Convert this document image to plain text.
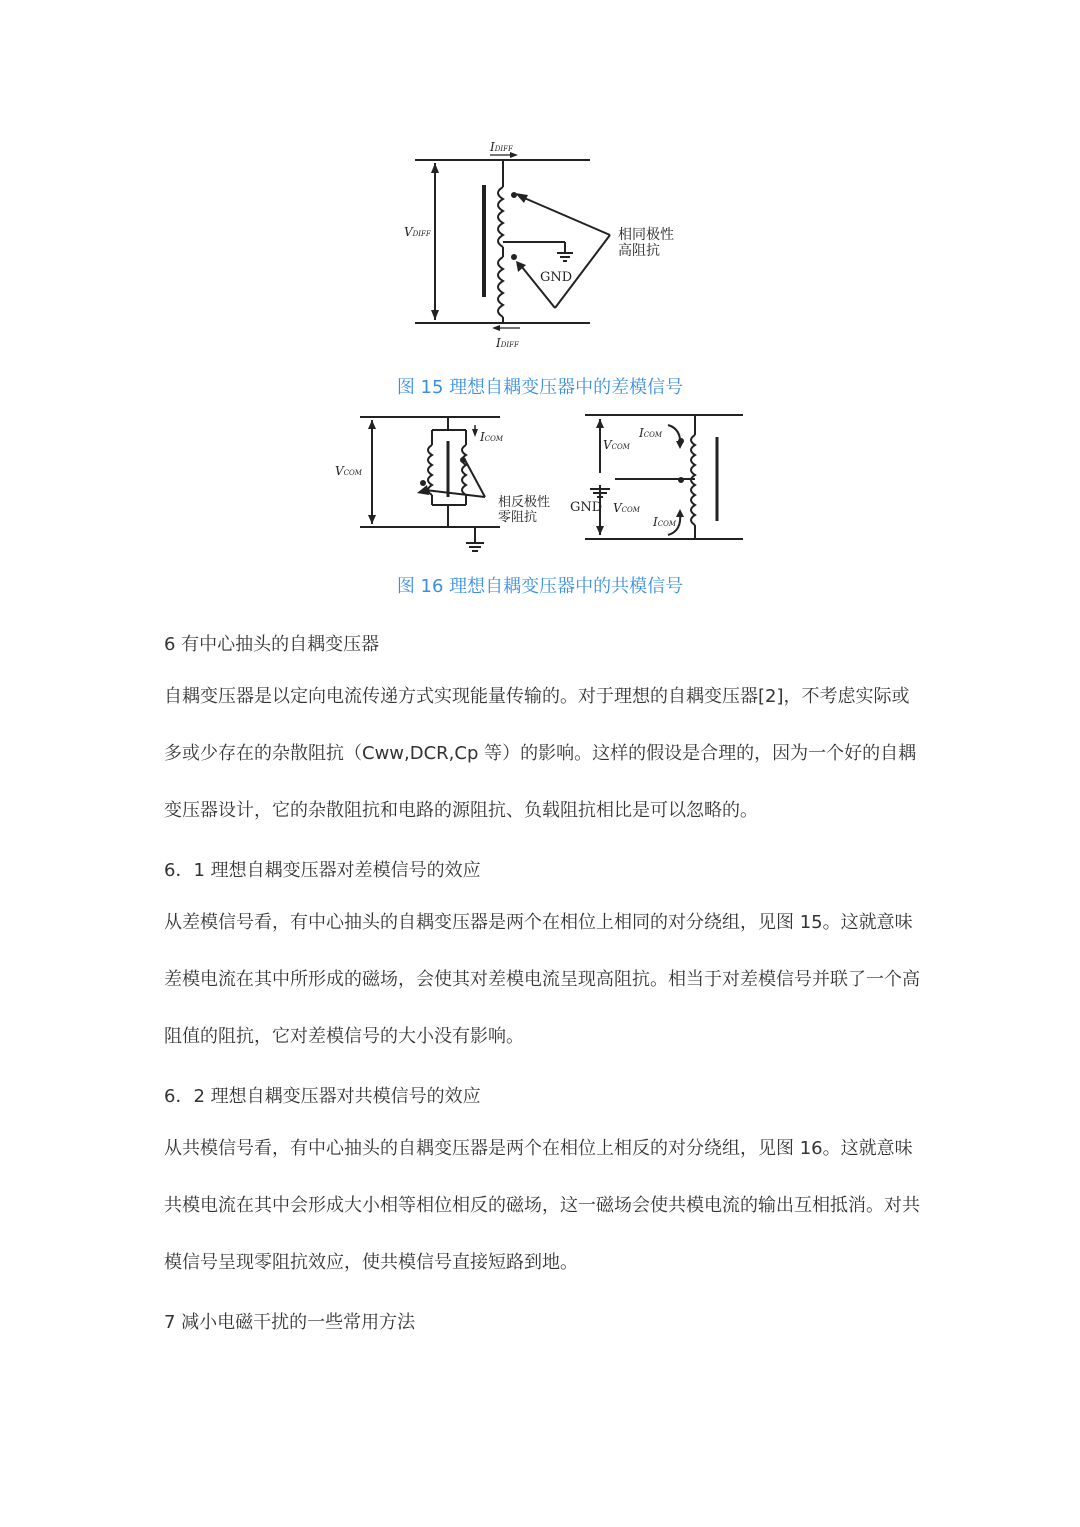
IDIFF
IDIFF
VDIFF	相同极性
高阻抗
GND
图 15 理想自耦变压器中的差模信号
VCOM
ICOM
相反极性
零阻抗
VCOM
ICOM
GND VCOM
ICOM
图 16 理想自耦变压器中的共模信号
6 有中心抽头的自耦变压器
自耦变压器是以定向电流传递方式实现能量传输的。对于理想的自耦变压器[2]，不考虑实际或多或少存在的杂散阻抗（Cww,DCR,Cp 等）的影响。这样的假设是合理的，因为一个好的自耦变压器设计，它的杂散阻抗和电路的源阻抗、负载阻抗相比是可以忽略的。
6．1 理想自耦变压器对差模信号的效应
从差模信号看，有中心抽头的自耦变压器是两个在相位上相同的对分绕组，见图 15。这就意味差模电流在其中所形成的磁场，会使其对差模电流呈现高阻抗。相当于对差模信号并联了一个高阻值的阻抗，它对差模信号的大小没有影响。
6．2 理想自耦变压器对共模信号的效应
从共模信号看，有中心抽头的自耦变压器是两个在相位上相反的对分绕组，见图 16。这就意味共模电流在其中会形成大小相等相位相反的磁场，这一磁场会使共模电流的输出互相抵消。对共模信号呈现零阻抗效应，使共模信号直接短路到地。
7 减小电磁干扰的一些常用方法
